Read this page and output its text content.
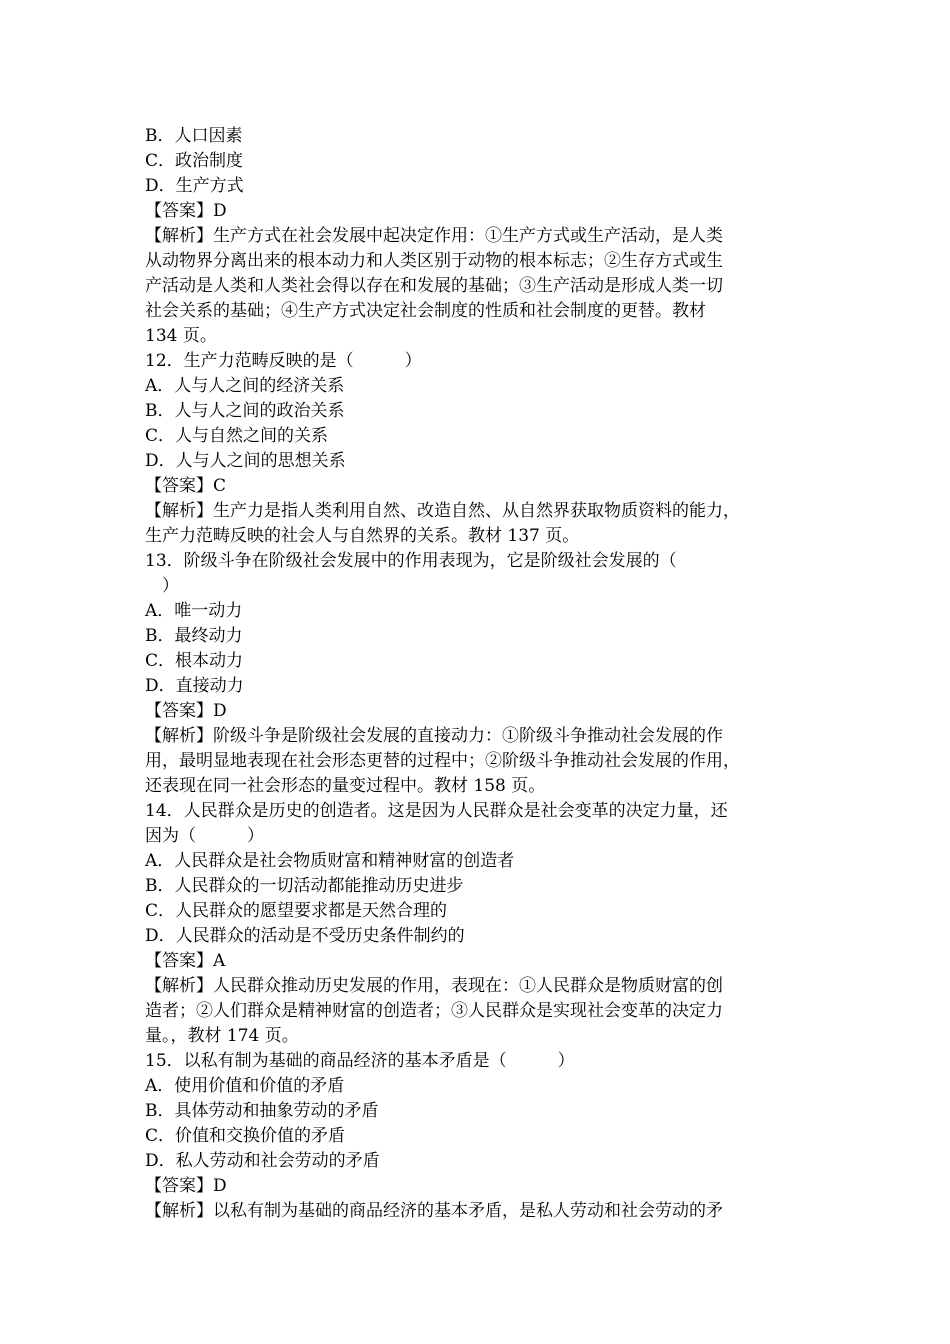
B．人口因素
C．政治制度
D．生产方式
【答案】D
【解析】生产方式在社会发展中起决定作用：①生产方式或生产活动，是人类
从动物界分离出来的根本动力和人类区别于动物的根本标志；②生存方式或生
产活动是人类和人类社会得以存在和发展的基础；③生产活动是形成人类一切
社会关系的基础；④生产方式决定社会制度的性质和社会制度的更替。教材
134 页。
12．生产力范畴反映的是（　　　）
A．人与人之间的经济关系
B．人与人之间的政治关系
C．人与自然之间的关系
D．人与人之间的思想关系
【答案】C
【解析】生产力是指人类利用自然、改造自然、从自然界获取物质资料的能力，
生产力范畴反映的社会人与自然界的关系。教材 137 页。
13．阶级斗争在阶级社会发展中的作用表现为，它是阶级社会发展的（
　）
A．唯一动力
B．最终动力
C．根本动力
D．直接动力
【答案】D
【解析】阶级斗争是阶级社会发展的直接动力：①阶级斗争推动社会发展的作
用，最明显地表现在社会形态更替的过程中；②阶级斗争推动社会发展的作用，
还表现在同一社会形态的量变过程中。教材 158 页。
14．人民群众是历史的创造者。这是因为人民群众是社会变革的决定力量，还
因为（　　　）
A．人民群众是社会物质财富和精神财富的创造者
B．人民群众的一切活动都能推动历史进步
C．人民群众的愿望要求都是天然合理的
D．人民群众的活动是不受历史条件制约的
【答案】A
【解析】人民群众推动历史发展的作用，表现在：①人民群众是物质财富的创
造者；②人们群众是精神财富的创造者；③人民群众是实现社会变革的决定力
量。，教材 174 页。
15．以私有制为基础的商品经济的基本矛盾是（　　　）
A．使用价值和价值的矛盾
B．具体劳动和抽象劳动的矛盾
C．价值和交换价值的矛盾
D．私人劳动和社会劳动的矛盾
【答案】D
【解析】以私有制为基础的商品经济的基本矛盾，是私人劳动和社会劳动的矛
